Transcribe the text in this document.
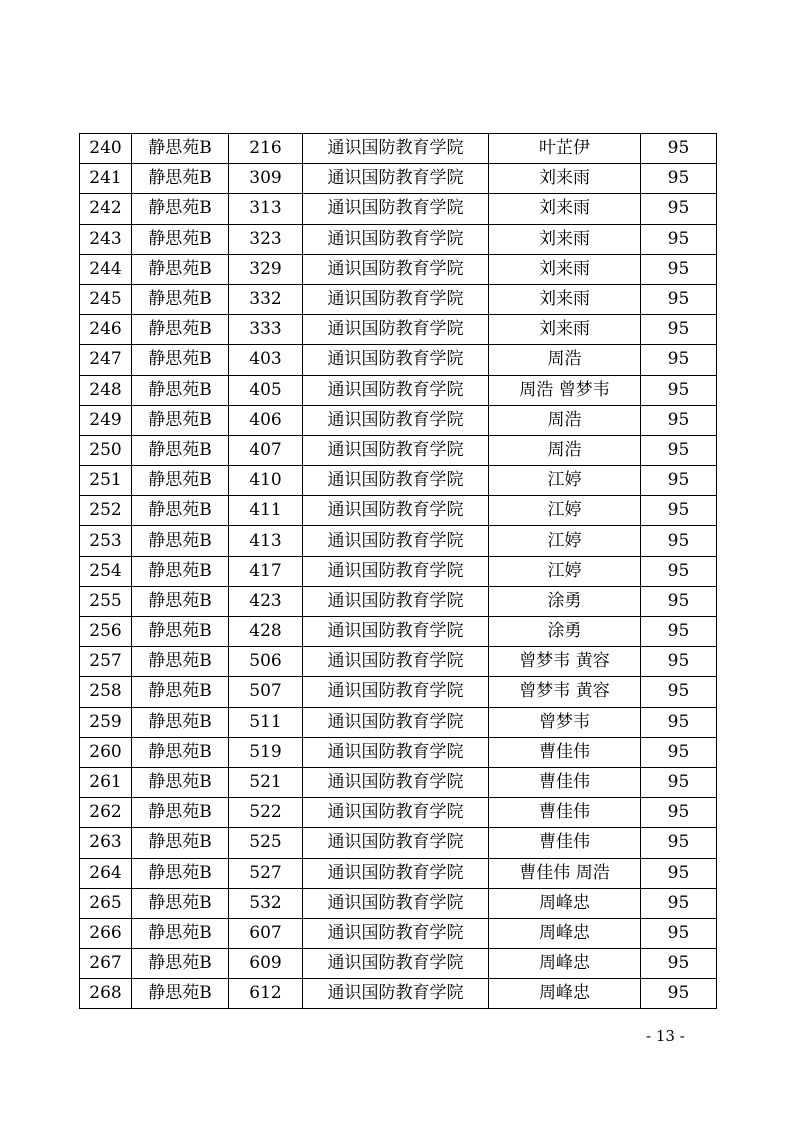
240	静思苑B	216	通识国防教育学院	叶芷伊	95
241	静思苑B	309	通识国防教育学院	刘来雨	95
242	静思苑B	313	通识国防教育学院	刘来雨	95
243	静思苑B	323	通识国防教育学院	刘来雨	95
244	静思苑B	329	通识国防教育学院	刘来雨	95
245	静思苑B	332	通识国防教育学院	刘来雨	95
246	静思苑B	333	通识国防教育学院	刘来雨	95
247	静思苑B	403	通识国防教育学院	周浩	95
248	静思苑B	405	通识国防教育学院	周浩 曾梦韦	95
249	静思苑B	406	通识国防教育学院	周浩	95
250	静思苑B	407	通识国防教育学院	周浩	95
251	静思苑B	410	通识国防教育学院	江婷	95
252	静思苑B	411	通识国防教育学院	江婷	95
253	静思苑B	413	通识国防教育学院	江婷	95
254	静思苑B	417	通识国防教育学院	江婷	95
255	静思苑B	423	通识国防教育学院	涂勇	95
256	静思苑B	428	通识国防教育学院	涂勇	95
257	静思苑B	506	通识国防教育学院	曾梦韦 黄容	95
258	静思苑B	507	通识国防教育学院	曾梦韦 黄容	95
259	静思苑B	511	通识国防教育学院	曾梦韦	95
260	静思苑B	519	通识国防教育学院	曹佳伟	95
261	静思苑B	521	通识国防教育学院	曹佳伟	95
262	静思苑B	522	通识国防教育学院	曹佳伟	95
263	静思苑B	525	通识国防教育学院	曹佳伟	95
264	静思苑B	527	通识国防教育学院	曹佳伟 周浩	95
265	静思苑B	532	通识国防教育学院	周峰忠	95
266	静思苑B	607	通识国防教育学院	周峰忠	95
267	静思苑B	609	通识国防教育学院	周峰忠	95
268	静思苑B	612	通识国防教育学院	周峰忠	95
- 13 -
